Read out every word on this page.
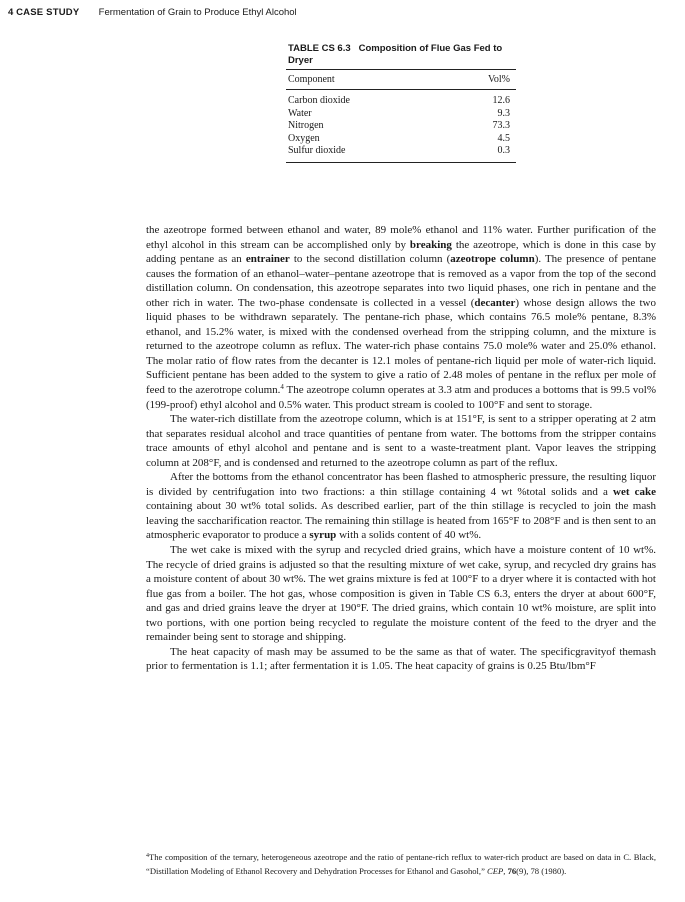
4 CASE STUDY Fermentation of Grain to Produce Ethyl Alcohol
TABLE CS 6.3 Composition of Flue Gas Fed to Dryer
Component	Vol%
Carbon dioxide	12.6
Water	9.3
Nitrogen	73.3
Oxygen	4.5
Sulfur dioxide	0.3

the azeotrope formed between ethanol and water, 89 mole% ethanol and 11% water. Further purification of the ethyl alcohol in this stream can be accomplished only by breaking the azeotrope, which is done in this case by adding pentane as an entrainer to the second distillation column (azeotrope column). The presence of pentane causes the formation of an ethanol–water–pentane azeotrope that is removed as a vapor from the top of the second distillation column. On condensation, this azeotrope separates into two liquid phases, one rich in pentane and the other rich in water. The two-phase condensate is collected in a vessel (decanter) whose design allows the two liquid phases to be withdrawn separately. The pentane-rich phase, which contains 76.5 mole% pentane, 8.3% ethanol, and 15.2% water, is mixed with the condensed overhead from the stripping column, and the mixture is returned to the azeotrope column as reflux. The water-rich phase contains 75.0 mole% water and 25.0% ethanol. The molar ratio of flow rates from the decanter is 12.1 moles of pentane-rich liquid per mole of water-rich liquid. Sufficient pentane has been added to the system to give a ratio of 2.48 moles of pentane in the reflux per mole of feed to the azerotrope column.$^4$ The azeotrope column operates at 3.3 atm and produces a bottoms that is 99.5 vol% (199-proof) ethyl alcohol and 0.5% water. This product stream is cooled to 100°F and sent to storage.

The water-rich distillate from the azeotrope column, which is at 151°F, is sent to a stripper operating at 2 atm that separates residual alcohol and trace quantities of pentane from water. The bottoms from the stripper contains trace amounts of ethyl alcohol and pentane and is sent to a waste-treatment plant. Vapor leaves the stripping column at 208°F, and is condensed and returned to the azeotrope column as part of the reflux.

After the bottoms from the ethanol concentrator has been flashed to atmospheric pressure, the resulting liquor is divided by centrifugation into two fractions: a thin stillage containing 4 wt %total solids and a wet cake containing about 30 wt% total solids. As described earlier, part of the thin stillage is recycled to join the mash leaving the saccharification reactor. The remaining thin stillage is heated from 165°F to 208°F and is then sent to an atmospheric evaporator to produce a syrup with a solids content of 40 wt%.

The wet cake is mixed with the syrup and recycled dried grains, which have a moisture content of 10 wt%. The recycle of dried grains is adjusted so that the resulting mixture of wet cake, syrup, and recycled dry grains has a moisture content of about 30 wt%. The wet grains mixture is fed at 100°F to a dryer where it is contacted with hot flue gas from a boiler. The hot gas, whose composition is given in Table CS 6.3, enters the dryer at about 600°F, and gas and dried grains leave the dryer at 190°F. The dried grains, which contain 10 wt% moisture, are split into two portions, with one portion being recycled to regulate the moisture content of the feed to the dryer and the remainder being sent to storage and shipping.

The heat capacity of mash may be assumed to be the same as that of water. The specificgravityof themash prior to fermentation is 1.1; after fermentation it is 1.05. The heat capacity of grains is 0.25 Btu/lbm°F

$^4$The composition of the ternary, heterogeneous azeotrope and the ratio of pentane-rich reflux to water-rich product are based on data in C. Black, “Distillation Modeling of Ethanol Recovery and Dehydration Processes for Ethanol and Gasohol,” CEP, 76(9), 78 (1980).
